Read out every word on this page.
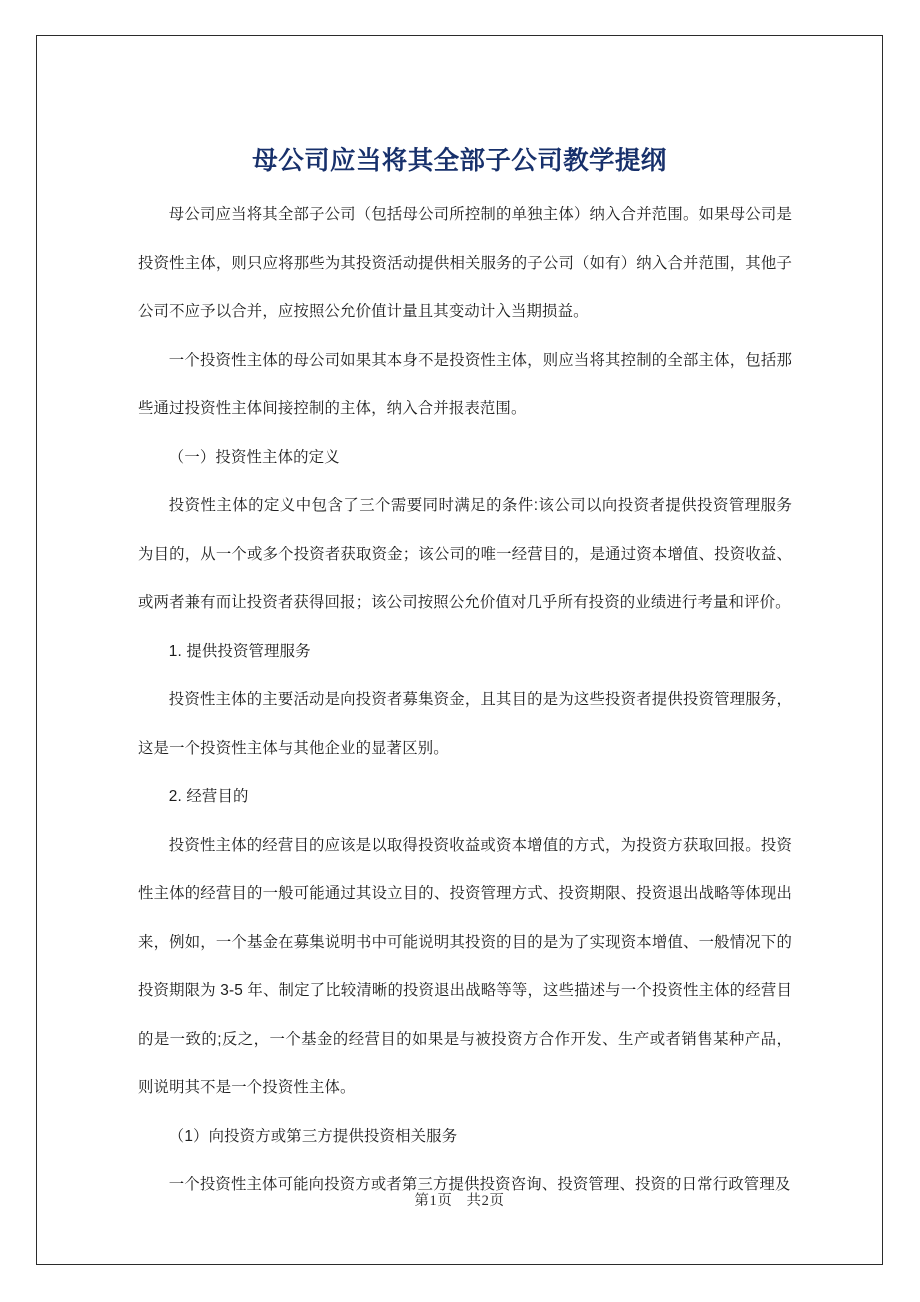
母公司应当将其全部子公司教学提纲

母公司应当将其全部子公司（包括母公司所控制的单独主体）纳入合并范围。如果母公司是投资性主体，则只应将那些为其投资活动提供相关服务的子公司（如有）纳入合并范围，其他子公司不应予以合并，应按照公允价值计量且其变动计入当期损益。

一个投资性主体的母公司如果其本身不是投资性主体，则应当将其控制的全部主体，包括那些通过投资性主体间接控制的主体，纳入合并报表范围。

（一）投资性主体的定义

投资性主体的定义中包含了三个需要同时满足的条件:该公司以向投资者提供投资管理服务为目的，从一个或多个投资者获取资金；该公司的唯一经营目的，是通过资本增值、投资收益、或两者兼有而让投资者获得回报；该公司按照公允价值对几乎所有投资的业绩进行考量和评价。

1. 提供投资管理服务

投资性主体的主要活动是向投资者募集资金，且其目的是为这些投资者提供投资管理服务，这是一个投资性主体与其他企业的显著区别。

2. 经营目的

投资性主体的经营目的应该是以取得投资收益或资本增值的方式，为投资方获取回报。投资性主体的经营目的一般可能通过其设立目的、投资管理方式、投资期限、投资退出战略等体现出来，例如，一个基金在募集说明书中可能说明其投资的目的是为了实现资本增值、一般情况下的投资期限为 3-5 年、制定了比较清晰的投资退出战略等等，这些描述与一个投资性主体的经营目的是一致的;反之，一个基金的经营目的如果是与被投资方合作开发、生产或者销售某种产品，则说明其不是一个投资性主体。

（1）向投资方或第三方提供投资相关服务

一个投资性主体可能向投资方或者第三方提供投资咨询、投资管理、投资的日常行政管理及

第1页 共2页
